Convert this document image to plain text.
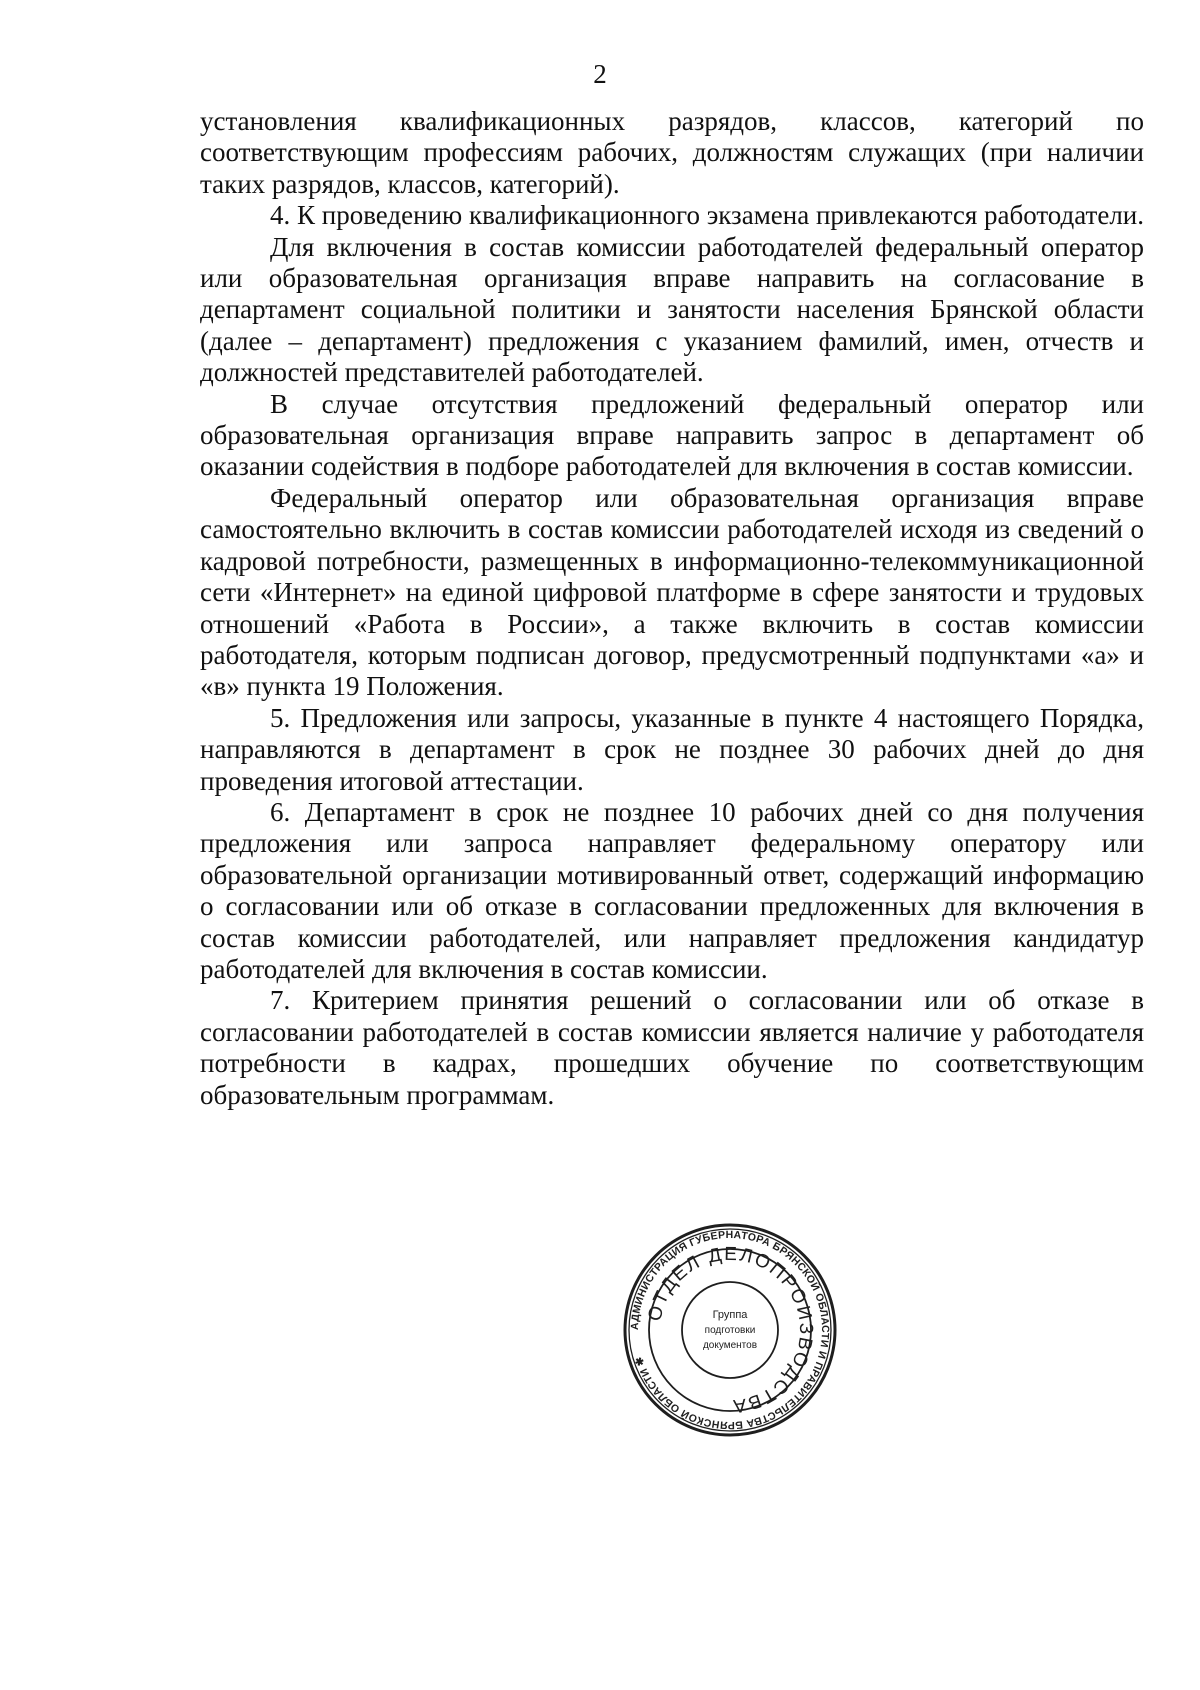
2

установления квалификационных разрядов, классов, категорий по соответствующим профессиям рабочих, должностям служащих (при наличии таких разрядов, классов, категорий).

4. К проведению квалификационного экзамена привлекаются работодатели.

Для включения в состав комиссии работодателей федеральный оператор или образовательная организация вправе направить на согласование в департамент социальной политики и занятости населения Брянской области (далее – департамент) предложения с указанием фамилий, имен, отчеств и должностей представителей работодателей.

В случае отсутствия предложений федеральный оператор или образовательная организация вправе направить запрос в департамент об оказании содействия в подборе работодателей для включения в состав комиссии.

Федеральный оператор или образовательная организация вправе самостоятельно включить в состав комиссии работодателей исходя из сведений о кадровой потребности, размещенных в информационно-телекоммуникационной сети «Интернет» на единой цифровой платформе в сфере занятости и трудовых отношений «Работа в России», а также включить в состав комиссии работодателя, которым подписан договор, предусмотренный подпунктами «а» и «в» пункта 19 Положения.

5. Предложения или запросы, указанные в пункте 4 настоящего Порядка, направляются в департамент в срок не позднее 30 рабочих дней до дня проведения итоговой аттестации.

6. Департамент в срок не позднее 10 рабочих дней со дня получения предложения или запроса направляет федеральному оператору или образовательной организации мотивированный ответ, содержащий информацию о согласовании или об отказе в согласовании предложенных для включения в состав комиссии работодателей, или направляет предложения кандидатур работодателей для включения в состав комиссии.

7. Критерием принятия решений о согласовании или об отказе в согласовании работодателей в состав комиссии является наличие у работодателя потребности в кадрах, прошедших обучение по соответствующим образовательным программам.

АДМИНИСТРАЦИЯ ГУБЕРНАТОРА БРЯНСКОЙ ОБЛАСТИ И ПРАВИТЕЛЬСТВА БРЯНСКОЙ ОБЛАСТИ ✱
ОТДЕЛ ДЕЛОПРОИЗВОДСТВА
Группа
подготовки
документов
